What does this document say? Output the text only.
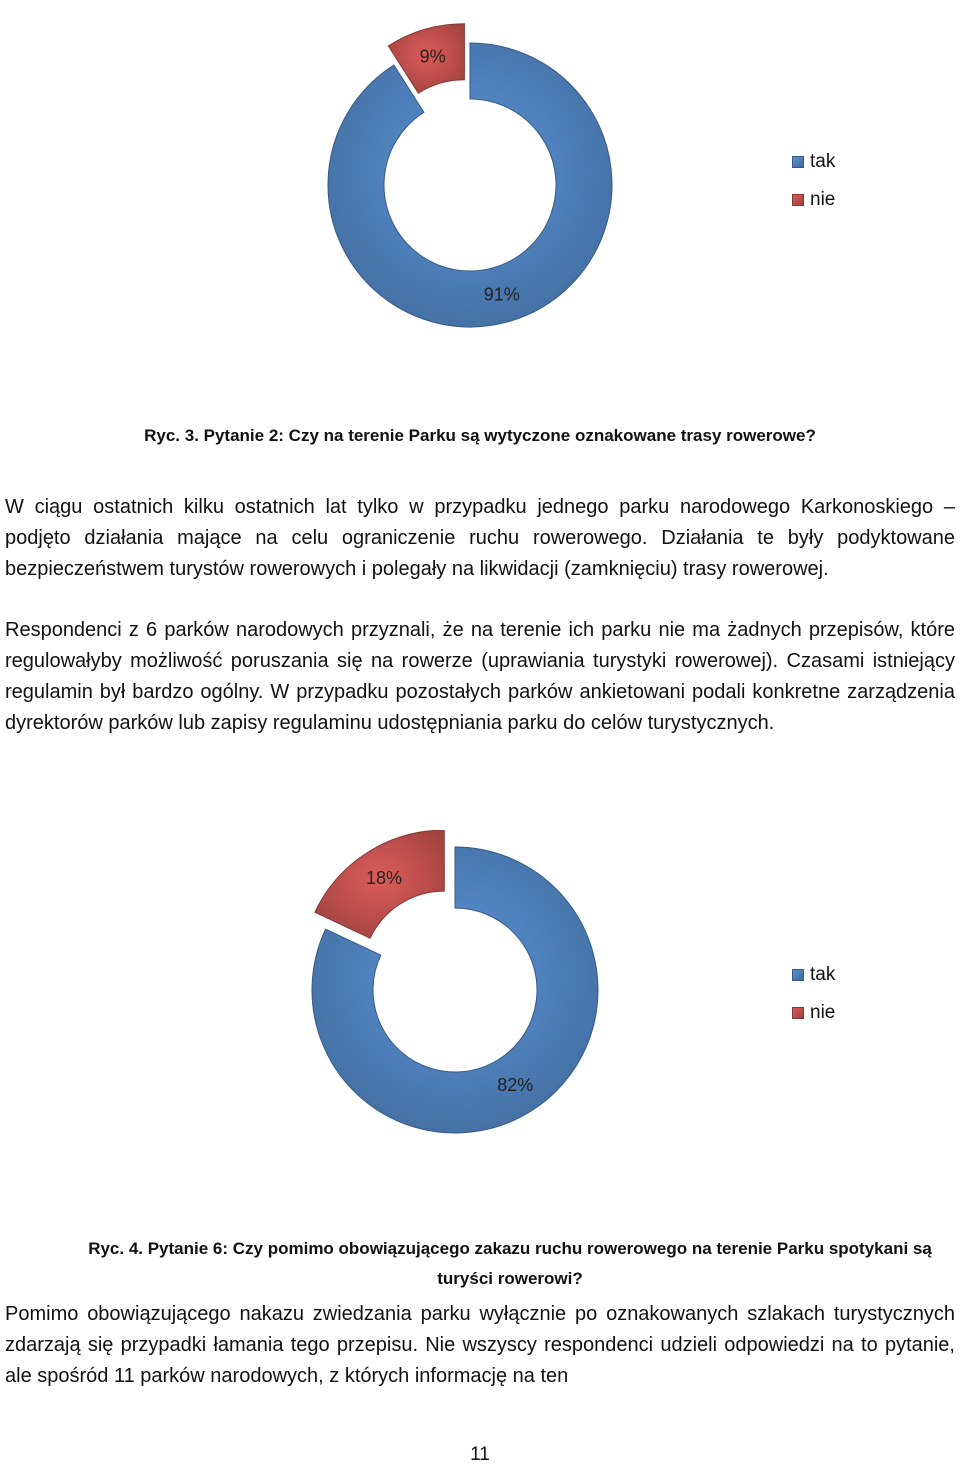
91%
9%
tak
nie
Ryc. 3. Pytanie 2: Czy na terenie Parku są wytyczone oznakowane trasy rowerowe?

W ciągu ostatnich kilku ostatnich lat tylko w przypadku jednego parku narodowego Karkonoskiego – podjęto działania mające na celu ograniczenie ruchu rowerowego. Działania te były podyktowane bezpieczeństwem turystów rowerowych i polegały na likwidacji (zamknięciu) trasy rowerowej.

Respondenci z 6 parków narodowych przyznali, że na terenie ich parku nie ma żadnych przepisów, które regulowałyby możliwość poruszania się na rowerze (uprawiania turystyki rowerowej). Czasami istniejący regulamin był bardzo ogólny. W przypadku pozostałych parków ankietowani podali konkretne zarządzenia dyrektorów parków lub zapisy regulaminu udostępniania parku do celów turystycznych.

82%
18%
tak
nie
Ryc. 4. Pytanie 6: Czy pomimo obowiązującego zakazu ruchu rowerowego na terenie Parku spotykani są turyści rowerowi?

Pomimo obowiązującego nakazu zwiedzania parku wyłącznie po oznakowanych szlakach turystycznych zdarzają się przypadki łamania tego przepisu. Nie wszyscy respondenci udzieli odpowiedzi na to pytanie, ale spośród 11 parków narodowych, z których informację na ten

11
